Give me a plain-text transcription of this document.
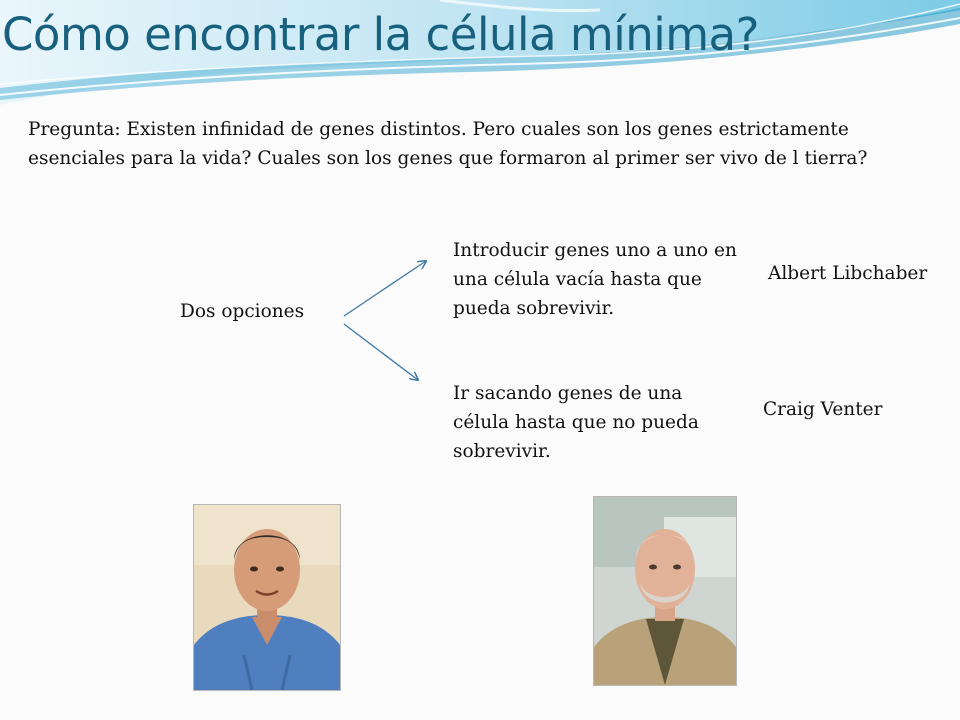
Cómo encontrar la célula mínima?

Pregunta: Existen infinidad de genes distintos. Pero cuales son los genes estrictamente esenciales para la vida? Cuales son los genes que formaron al primer ser vivo de l tierra?

Dos opciones

Introducir genes uno a uno en una célula vacía hasta que pueda sobrevivir.

Albert Libchaber

Ir sacando genes de una célula hasta que no pueda sobrevivir.

Craig Venter
